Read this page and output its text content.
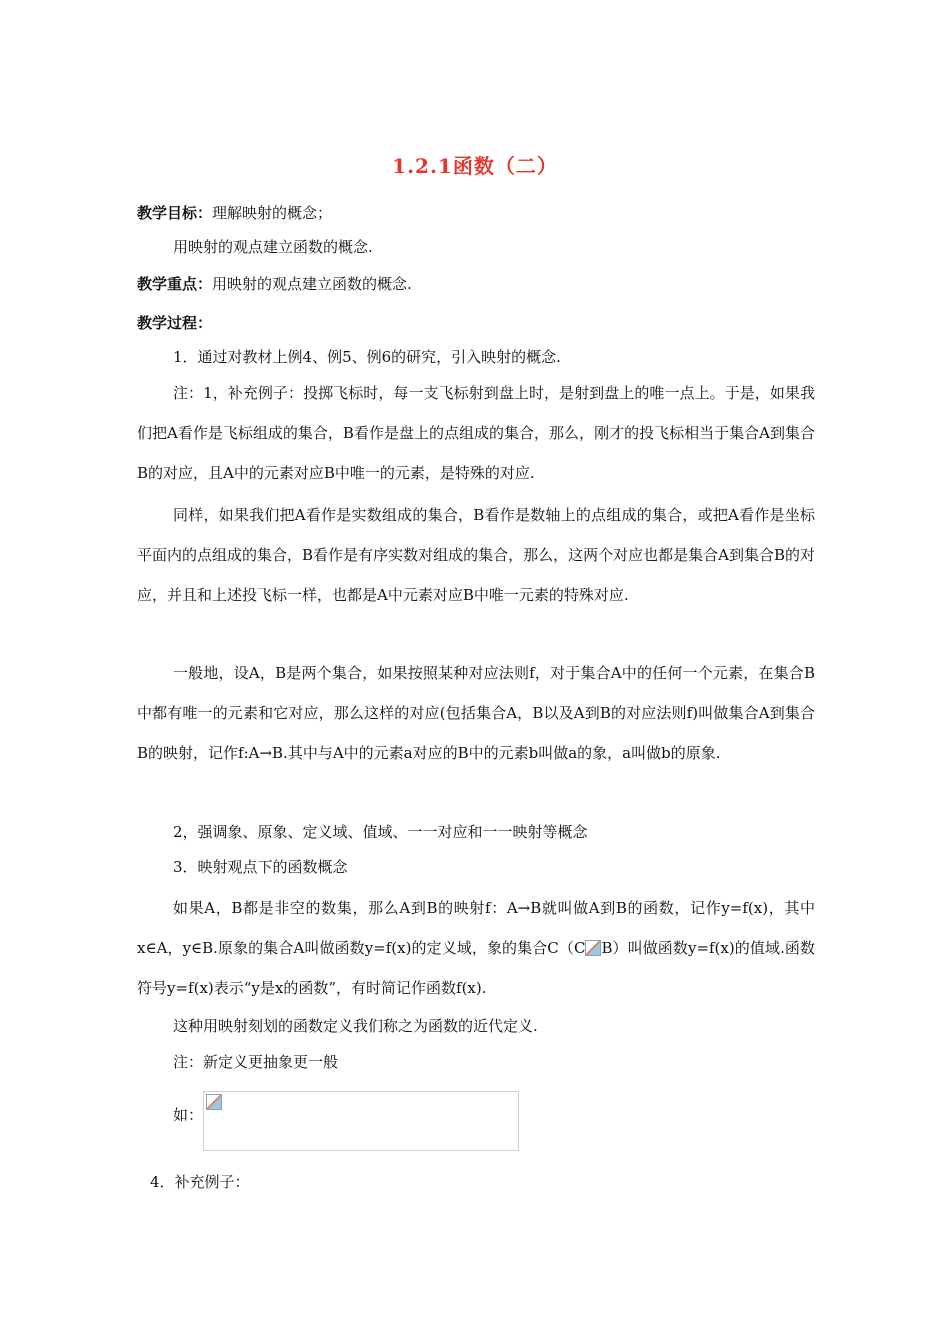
1.2.1函数（二）
教学目标：理解映射的概念；
用映射的观点建立函数的概念.
教学重点：用映射的观点建立函数的概念.
教学过程：
1．通过对教材上例4、例5、例6的研究，引入映射的概念.
注：1，补充例子：投掷飞标时，每一支飞标射到盘上时，是射到盘上的唯一点上。于是，如果我们把A看作是飞标组成的集合，B看作是盘上的点组成的集合，那么，刚才的投飞标相当于集合A到集合B的对应，且A中的元素对应B中唯一的元素，是特殊的对应.
同样，如果我们把A看作是实数组成的集合，B看作是数轴上的点组成的集合，或把A看作是坐标平面内的点组成的集合，B看作是有序实数对组成的集合，那么，这两个对应也都是集合A到集合B的对应，并且和上述投飞标一样，也都是A中元素对应B中唯一元素的特殊对应.
一般地，设A，B是两个集合，如果按照某种对应法则f，对于集合A中的任何一个元素，在集合B中都有唯一的元素和它对应，那么这样的对应(包括集合A，B以及A到B的对应法则f)叫做集合A到集合B的映射，记作f:A→B.其中与A中的元素a对应的B中的元素b叫做a的象，a叫做b的原象.
2，强调象、原象、定义域、值域、一一对应和一一映射等概念
3．映射观点下的函数概念
如果A，B都是非空的数集，那么A到B的映射f：A→B就叫做A到B的函数，记作y=f(x)，其中x∈A，y∈B.原象的集合A叫做函数y=f(x)的定义域，象的集合C（C B）叫做函数y=f(x)的值域.函数符号y=f(x)表示“y是x的函数”，有时简记作函数f(x).
这种用映射刻划的函数定义我们称之为函数的近代定义.
注：新定义更抽象更一般
如：
4．补充例子：
